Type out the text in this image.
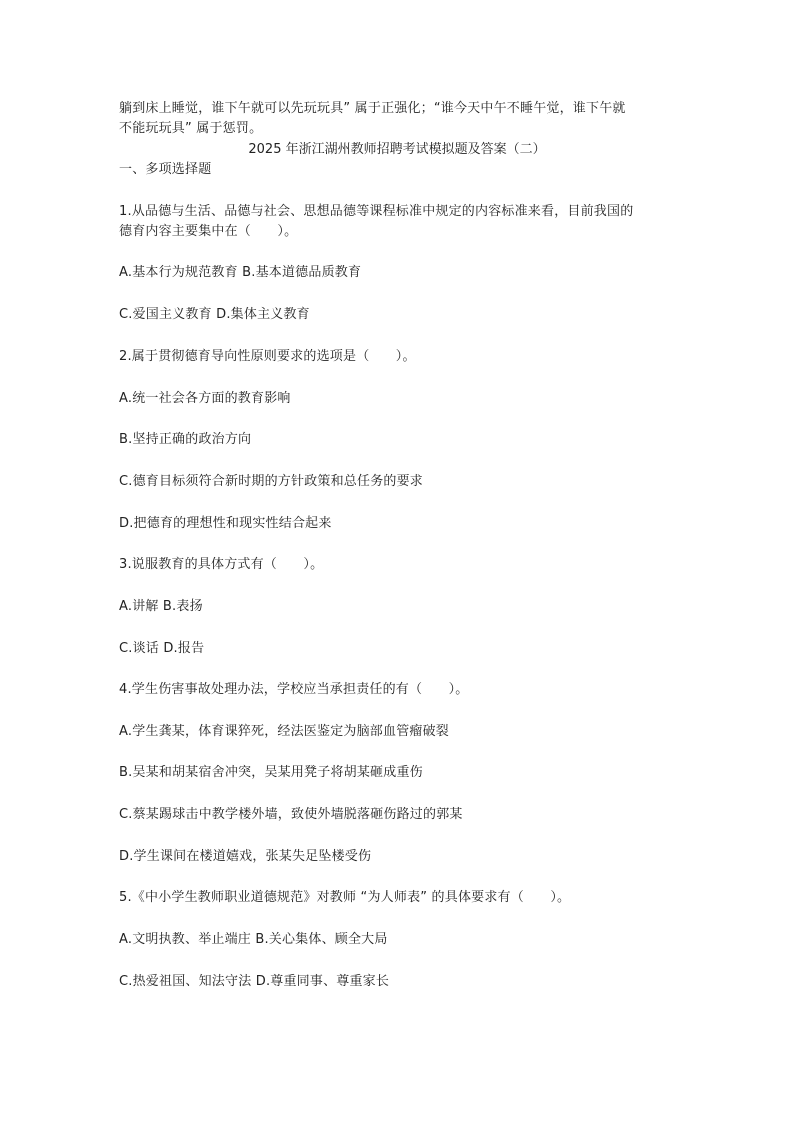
躺到床上睡觉，谁下午就可以先玩玩具” 属于正强化；“谁今天中午不睡午觉，谁下午就
不能玩玩具” 属于惩罚。
2025 年浙江湖州教师招聘考试模拟题及答案（二）
一、多项选择题
1.从品德与生活、品德与社会、思想品德等课程标准中规定的内容标准来看，目前我国的
德育内容主要集中在（　　）。
A.基本行为规范教育 B.基本道德品质教育
C.爱国主义教育 D.集体主义教育
2.属于贯彻德育导向性原则要求的选项是（　　）。
A.统一社会各方面的教育影响
B.坚持正确的政治方向
C.德育目标须符合新时期的方针政策和总任务的要求
D.把德育的理想性和现实性结合起来
3.说服教育的具体方式有（　　）。
A.讲解 B.表扬
C.谈话 D.报告
4.学生伤害事故处理办法，学校应当承担责任的有（　　）。
A.学生龚某，体育课猝死，经法医鉴定为脑部血管瘤破裂
B.吴某和胡某宿舍冲突，吴某用凳子将胡某砸成重伤
C.蔡某踢球击中教学楼外墙，致使外墙脱落砸伤路过的郭某
D.学生课间在楼道嬉戏，张某失足坠楼受伤
5.《中小学生教师职业道德规范》对教师 “为人师表” 的具体要求有（　　）。
A.文明执教、举止端庄 B.关心集体、顾全大局
C.热爱祖国、知法守法 D.尊重同事、尊重家长
